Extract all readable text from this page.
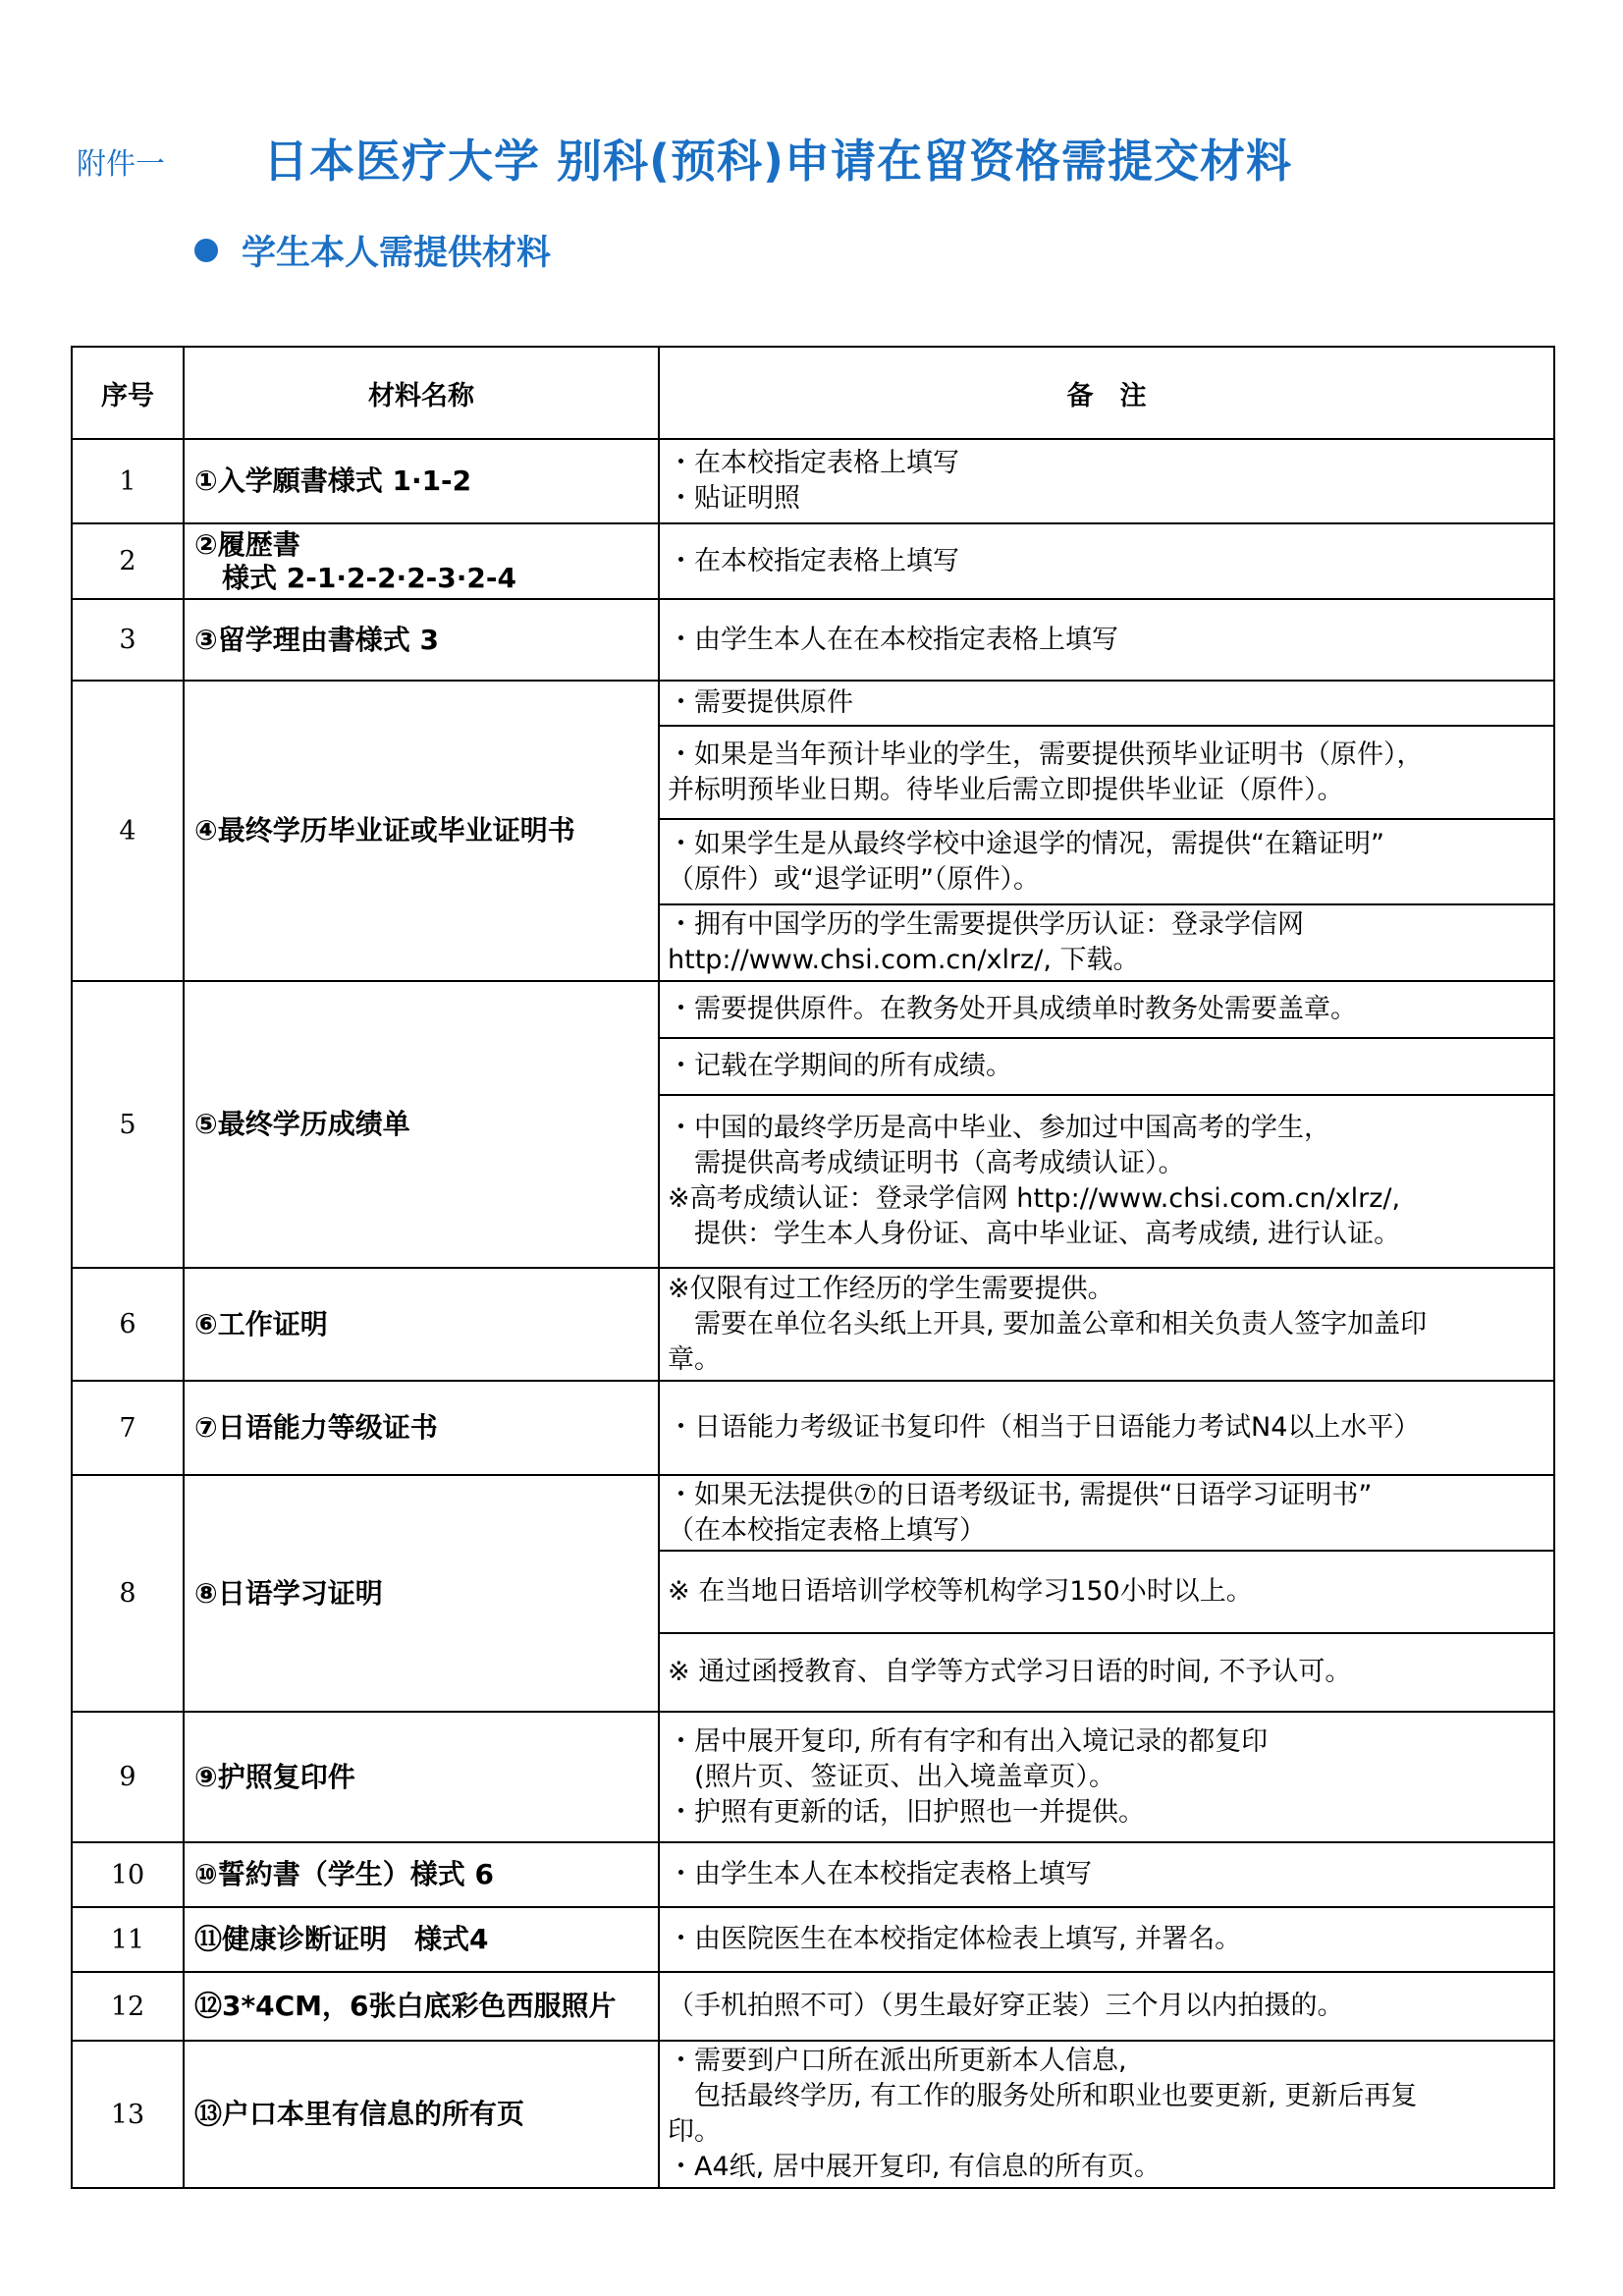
附件一 日本医疗大学 别科(预科)申请在留资格需提交材料
学生本人需提供材料
序号	材料名称	备　注
1	①入学願書様式 1·1-2	・在本校指定表格上填写
・贴证明照

2	②履歴書
　様式 2-1·2-2·2-3·2-4	・在本校指定表格上填写

3	③留学理由書様式 3	・由学生本人在在本校指定表格上填写

4	④最终学历毕业证或毕业证明书	・需要提供原件

		・如果是当年预计毕业的学生，需要提供预毕业证明书（原件），
并标明预毕业日期。待毕业后需立即提供毕业证（原件）。

		・如果学生是从最终学校中途退学的情况，需提供“在籍证明”
（原件）或“退学证明”（原件）。

		・拥有中国学历的学生需要提供学历认证：登录学信网
http://www.chsi.com.cn/xlrz/, 下载。

5	⑤最终学历成绩单	・需要提供原件。在教务处开具成绩单时教务处需要盖章。

		・记载在学期间的所有成绩。

		・中国的最终学历是高中毕业、参加过中国高考的学生，
　需提供高考成绩证明书（高考成绩认证）。
※高考成绩认证：登录学信网 http://www.chsi.com.cn/xlrz/,
　提供：学生本人身份证、高中毕业证、高考成绩, 进行认证。

6	⑥工作证明	※仅限有过工作经历的学生需要提供。
　需要在单位名头纸上开具, 要加盖公章和相关负责人签字加盖印
章。

7	⑦日语能力等级证书	・日语能力考级证书复印件（相当于日语能力考试N4以上水平）

8	⑧日语学习证明	・如果无法提供⑦的日语考级证书, 需提供“日语学习证明书”
（在本校指定表格上填写）

		※ 在当地日语培训学校等机构学习150小时以上。

		※ 通过函授教育、自学等方式学习日语的时间, 不予认可。

9	⑨护照复印件	・居中展开复印, 所有有字和有出入境记录的都复印
　(照片页、签证页、出入境盖章页）。
・护照有更新的话，旧护照也一并提供。

10	⑩誓約書（学生）様式 6	・由学生本人在本校指定表格上填写

11	⑪健康诊断证明　様式4	・由医院医生在本校指定体检表上填写, 并署名。

12	⑫3*4CM，6张白底彩色西服照片	（手机拍照不可）（男生最好穿正装）三个月以内拍摄的。

13	⑬户口本里有信息的所有页	・需要到户口所在派出所更新本人信息,
　包括最终学历, 有工作的服务处所和职业也要更新, 更新后再复
印。
・A4纸, 居中展开复印, 有信息的所有页。
